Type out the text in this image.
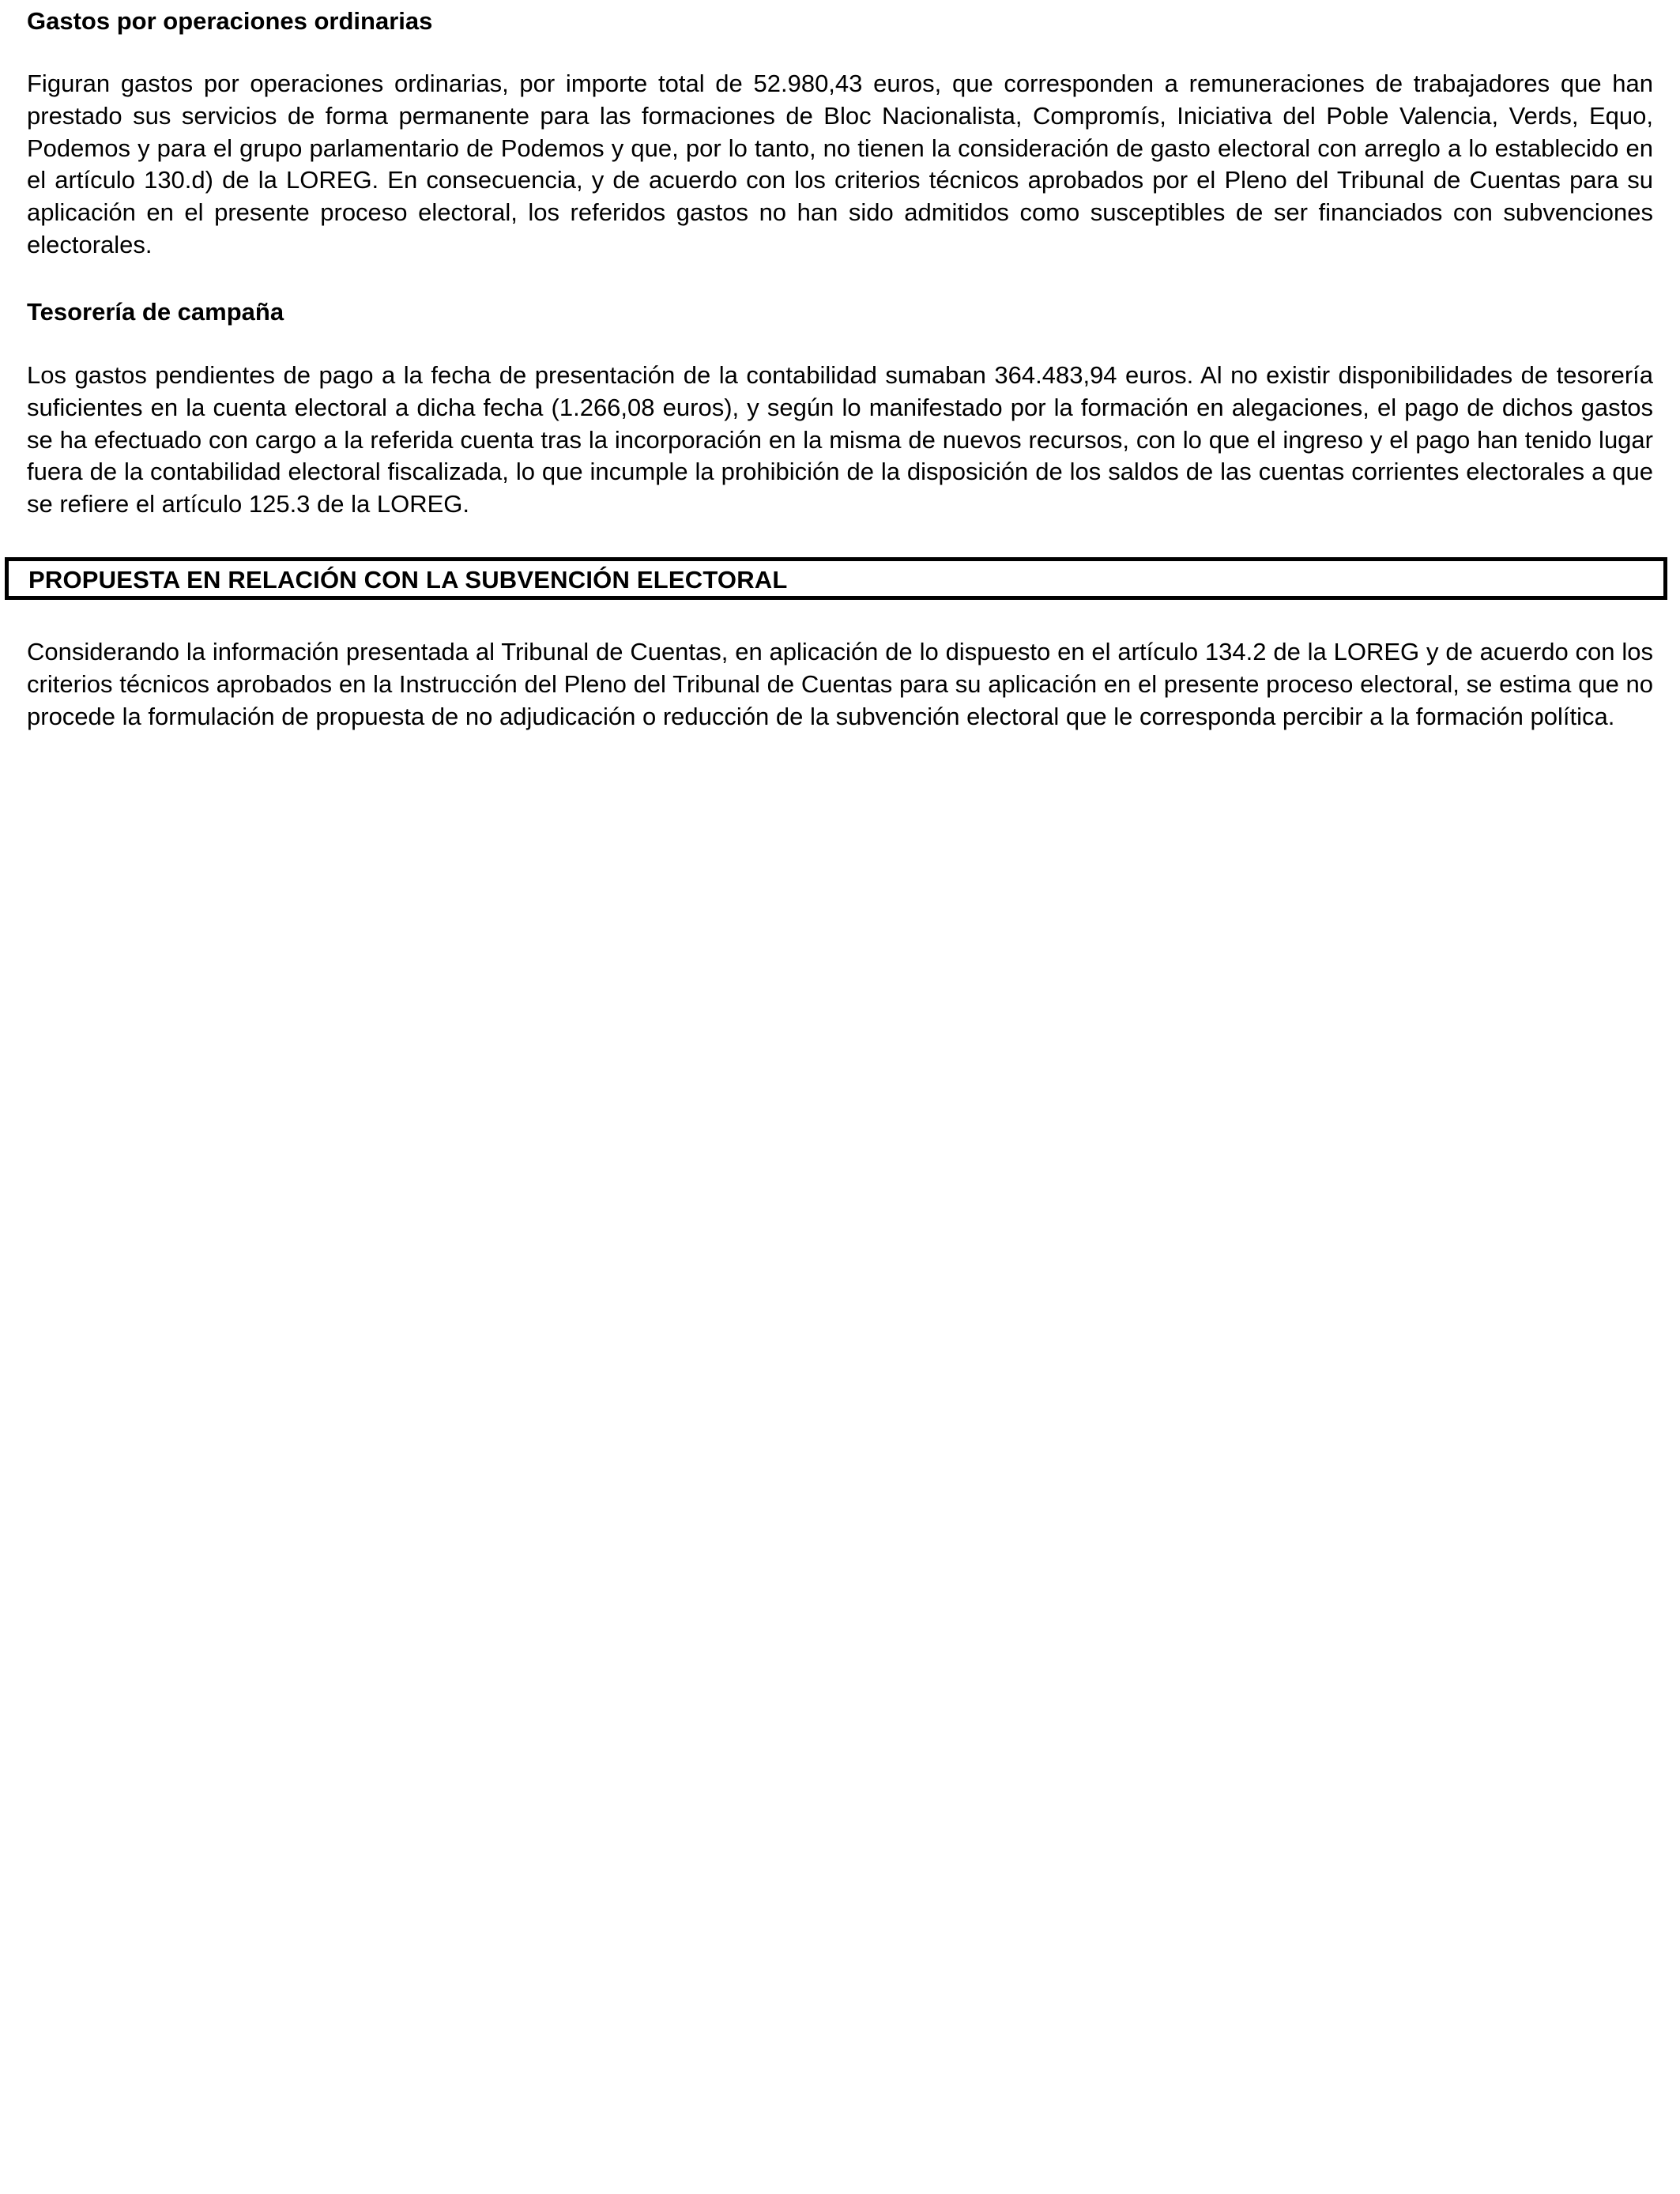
Gastos por operaciones ordinarias

Figuran gastos por operaciones ordinarias, por importe total de 52.980,43 euros, que corresponden a remuneraciones de trabajadores que han prestado sus servicios de forma permanente para las formaciones de Bloc Nacionalista, Compromís, Iniciativa del Poble Valencia, Verds, Equo, Podemos y para el grupo parlamentario de Podemos y que, por lo tanto, no tienen la consideración de gasto electoral con arreglo a lo establecido en el artículo 130.d) de la LOREG. En consecuencia, y de acuerdo con los criterios técnicos aprobados por el Pleno del Tribunal de Cuentas para su aplicación en el presente proceso electoral, los referidos gastos no han sido admitidos como susceptibles de ser financiados con subvenciones electorales.

Tesorería de campaña

Los gastos pendientes de pago a la fecha de presentación de la contabilidad sumaban 364.483,94 euros. Al no existir disponibilidades de tesorería suficientes en la cuenta electoral a dicha fecha (1.266,08 euros), y según lo manifestado por la formación en alegaciones, el pago de dichos gastos se ha efectuado con cargo a la referida cuenta tras la incorporación en la misma de nuevos recursos, con lo que el ingreso y el pago han tenido lugar fuera de la contabilidad electoral fiscalizada, lo que incumple la prohibición de la disposición de los saldos de las cuentas corrientes electorales a que se refiere el artículo 125.3 de la LOREG.

PROPUESTA EN RELACIÓN CON LA SUBVENCIÓN ELECTORAL

Considerando la información presentada al Tribunal de Cuentas, en aplicación de lo dispuesto en el artículo 134.2 de la LOREG y de acuerdo con los criterios técnicos aprobados en la Instrucción del Pleno del Tribunal de Cuentas para su aplicación en el presente proceso electoral, se estima que no procede la formulación de propuesta de no adjudicación o reducción de la subvención electoral que le corresponda percibir a la formación política.
